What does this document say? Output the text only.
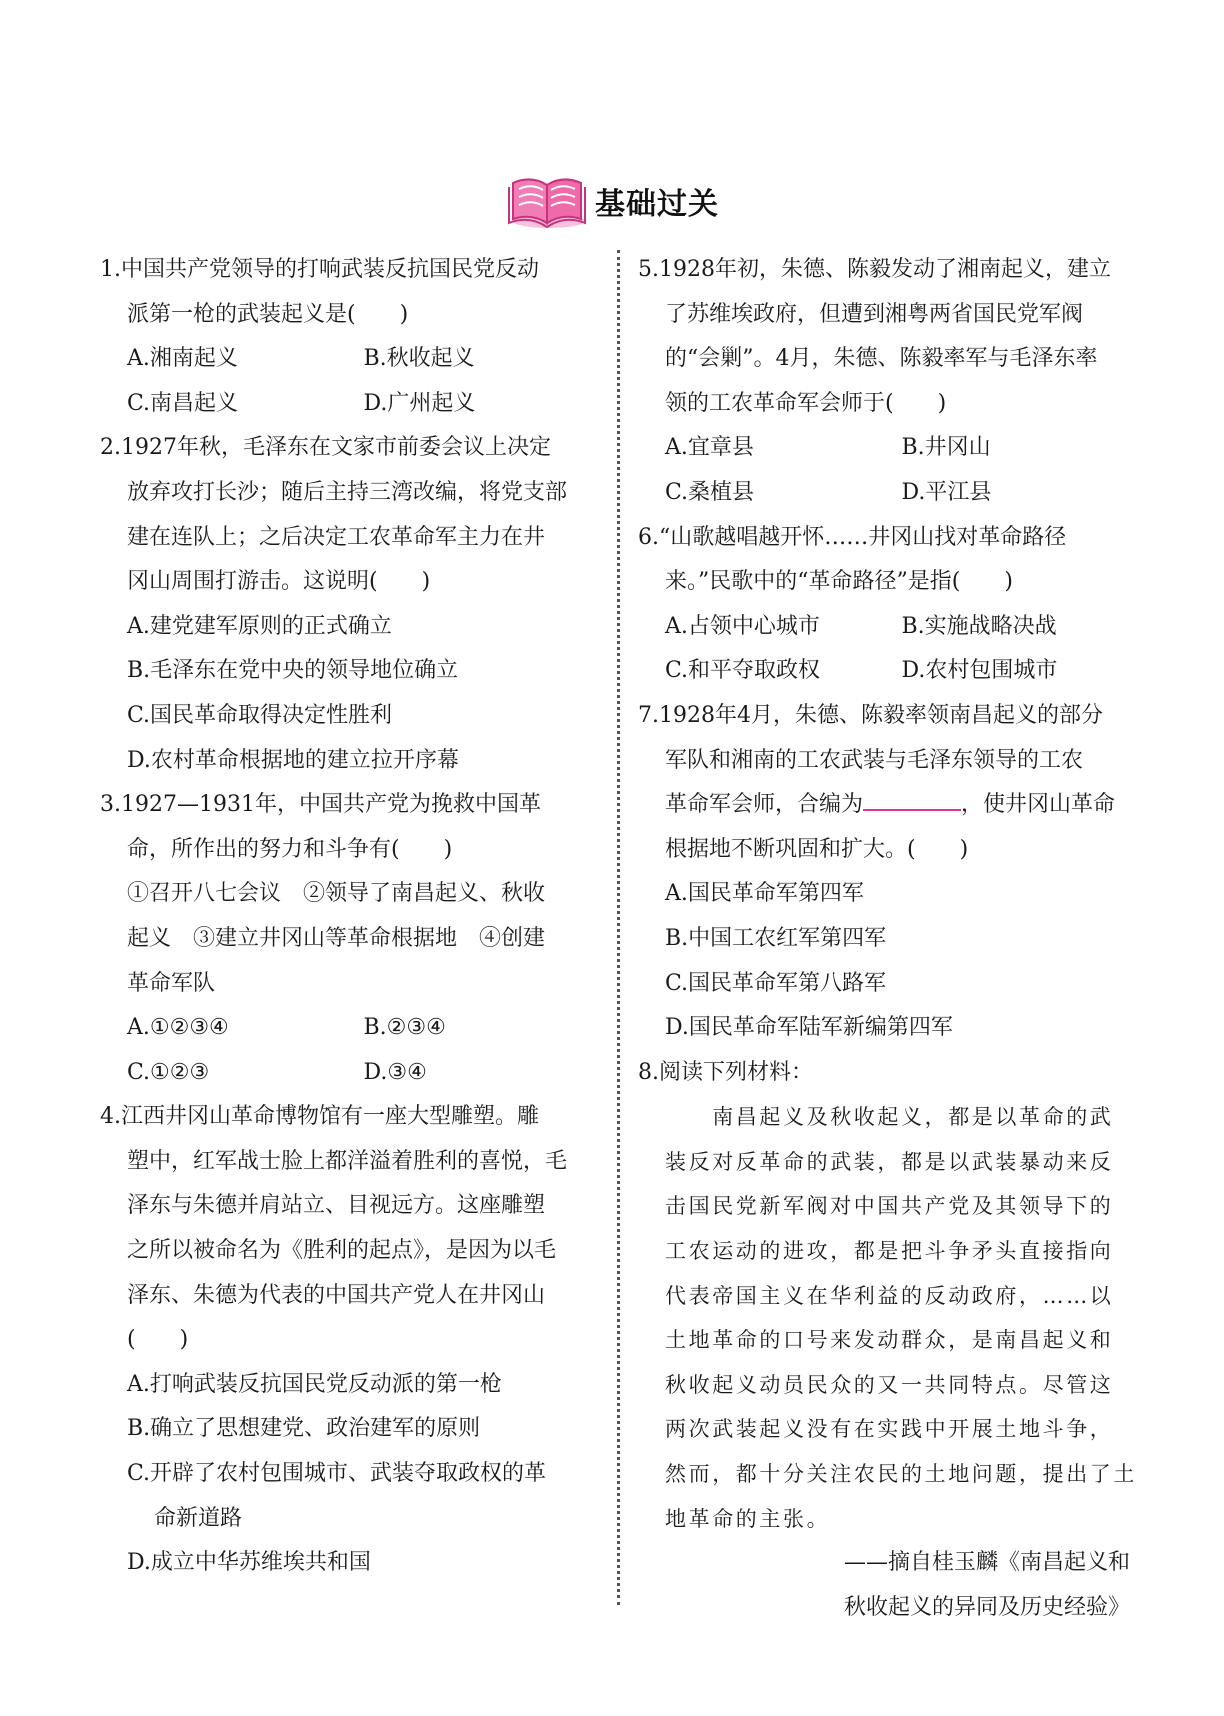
基础过关
1.中国共产党领导的打响武装反抗国民党反动
派第一枪的武装起义是(　　)
A.湘南起义	B.秋收起义
C.南昌起义	D.广州起义
2.1927年秋，毛泽东在文家市前委会议上决定
放弃攻打长沙；随后主持三湾改编，将党支部
建在连队上；之后决定工农革命军主力在井
冈山周围打游击。这说明(　　)
A.建党建军原则的正式确立
B.毛泽东在党中央的领导地位确立
C.国民革命取得决定性胜利
D.农村革命根据地的建立拉开序幕
3.1927—1931年，中国共产党为挽救中国革
命，所作出的努力和斗争有(　　)
①召开八七会议　②领导了南昌起义、秋收
起义　③建立井冈山等革命根据地　④创建
革命军队
A.①②③④	B.②③④
C.①②③	D.③④
4.江西井冈山革命博物馆有一座大型雕塑。雕
塑中，红军战士脸上都洋溢着胜利的喜悦，毛
泽东与朱德并肩站立、目视远方。这座雕塑
之所以被命名为《胜利的起点》，是因为以毛
泽东、朱德为代表的中国共产党人在井冈山
(　　)
A.打响武装反抗国民党反动派的第一枪
B.确立了思想建党、政治建军的原则
C.开辟了农村包围城市、武装夺取政权的革
命新道路
D.成立中华苏维埃共和国
5.1928年初，朱德、陈毅发动了湘南起义，建立
了苏维埃政府，但遭到湘粤两省国民党军阀
的“会剿”。4月，朱德、陈毅率军与毛泽东率
领的工农革命军会师于(　　)
A.宜章县	B.井冈山
C.桑植县	D.平江县
6.“山歌越唱越开怀……井冈山找对革命路径
来。”民歌中的“革命路径”是指(　　)
A.占领中心城市	B.实施战略决战
C.和平夺取政权	D.农村包围城市
7.1928年4月，朱德、陈毅率领南昌起义的部分
军队和湘南的工农武装与毛泽东领导的工农
革命军会师，合编为	，使井冈山革命
根据地不断巩固和扩大。(　　)
A.国民革命军第四军
B.中国工农红军第四军
C.国民革命军第八路军
D.国民革命军陆军新编第四军
8.阅读下列材料：
　　南昌起义及秋收起义，都是以革命的武
装反对反革命的武装，都是以武装暴动来反
击国民党新军阀对中国共产党及其领导下的
工农运动的进攻，都是把斗争矛头直接指向
代表帝国主义在华利益的反动政府，……以
土地革命的口号来发动群众，是南昌起义和
秋收起义动员民众的又一共同特点。尽管这
两次武装起义没有在实践中开展土地斗争，
然而，都十分关注农民的土地问题，提出了土
地革命的主张。
——摘自桂玉麟《南昌起义和
秋收起义的异同及历史经验》
